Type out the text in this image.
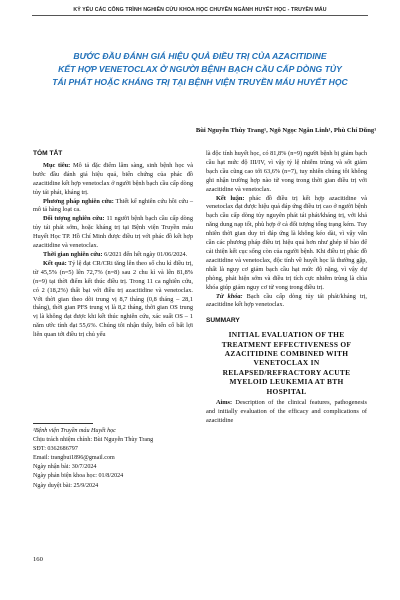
KỶ YẾU CÁC CÔNG TRÌNH NGHIÊN CỨU KHOA HỌC CHUYÊN NGÀNH HUYẾT HỌC - TRUYỀN MÁU
BƯỚC ĐẦU ĐÁNH GIÁ HIỆU QUẢ ĐIỀU TRỊ CỦA AZACITIDINE
KẾT HỢP VENETOCLAX Ở NGƯỜI BỆNH BẠCH CẦU CẤP DÒNG TỦY
TÁI PHÁT HOẶC KHÁNG TRỊ TẠI BỆNH VIỆN TRUYỀN MÁU HUYẾT HỌC
Bùi Nguyễn Thùy Trang¹, Ngô Ngọc Ngân Linh¹, Phù Chí Dũng¹
TÓM TẮT

Mục tiêu: Mô tả đặc điểm lâm sàng, sinh bệnh học và bước đầu đánh giá hiệu quả, biến chứng của phác đồ azacitidine kết hợp venetoclax ở người bệnh bạch cầu cấp dòng tủy tái phát, kháng trị.

Phương pháp nghiên cứu: Thiết kế nghiên cứu hồi cứu – mô tả hàng loạt ca.

Đối tượng nghiên cứu: 11 người bệnh bạch cầu cấp dòng tủy tái phát sớm, hoặc kháng trị tại Bệnh viện Truyền máu Huyết Học TP. Hồ Chí Minh được điều trị với phác đồ kết hợp azacitidine và venetoclax.

Thời gian nghiên cứu: 6/2021 đến hết ngày 01/06/2024.

Kết quả: Tỷ lệ đạt CR/CRi tăng lên theo số chu kì điều trị, từ 45,5% (n=5) lên 72,7% (n=8) sau 2 chu kì và lên 81,8% (n=9) tại thời điểm kết thúc điều trị. Trong 11 ca nghiên cứu, có 2 (18,2%) thất bại với điều trị azacitidine và venetoclax. Với thời gian theo dõi trung vị 8,7 tháng (0,8 tháng – 28,1 tháng), thời gian PFS trung vị là 8,2 tháng, thời gian OS trung vị là không đạt được khi kết thúc nghiên cứu, xác suất OS – 1 năm ước tính đạt 55,6%. Chúng tôi nhận thấy, biến cố bất lợi liên quan tới điều trị chủ yếu

¹Bệnh viện Truyền máu Huyết học
Chịu trách nhiệm chính: Bùi Nguyễn Thùy Trang
SĐT: 0362686797
Email: trangbui1896@gmail.com
Ngày nhận bài: 30/7/2024
Ngày phản biện khoa học: 01/8/2024
Ngày duyệt bài: 25/9/2024

là độc tính huyết học, có 81,8% (n=9) người bệnh bị giảm bạch cầu hạt mức độ III/IV, vì vậy tỷ lệ nhiễm trùng và sốt giảm bạch cầu cũng cao tới 63,6% (n=7), tuy nhiên chúng tôi không ghi nhận trường hợp nào tử vong trong thời gian điều trị với azacitidine và venetoclax.

Kết luận: phác đồ điều trị kết hợp azacitidine và venetoclax đạt được hiệu quả đáp ứng điều trị cao ở người bệnh bạch cầu cấp dòng tủy nguyên phát tái phát/kháng trị, với khả năng dung nạp tốt, phù hợp ở cả đối tượng tổng trạng kém. Tuy nhiên thời gian duy trì đáp ứng là không kéo dài, vì vậy vẫn cần các phương pháp điều trị hiệu quả hơn như ghép tế bào để cải thiện kết cục sống còn của người bệnh. Khi điều trị phác đồ azacitidine và venetoclax, độc tính về huyết học là thường gặp, nhất là nguy cơ giảm bạch cầu hạt mức độ nặng, vì vậy dự phòng, phát hiện sớm và điều trị tích cực nhiễm trùng là chìa khóa giúp giảm nguy cơ tử vong trong điều trị.

Từ khóa: Bạch cầu cấp dòng tủy tái phát/kháng trị, azacitidine kết hợp venetoclax.

SUMMARY
INITIAL EVALUATION OF THE
TREATMENT EFFECTIVENESS OF
AZACITIDINE COMBINED WITH
VENETOCLAX IN
RELAPSED/REFRACTORY ACUTE
MYELOID LEUKEMIA AT BTH
HOSPITAL

Aims: Description of the clinical features, pathogenesis and initially evaluation of the efficacy and complications of azacitidine

160
